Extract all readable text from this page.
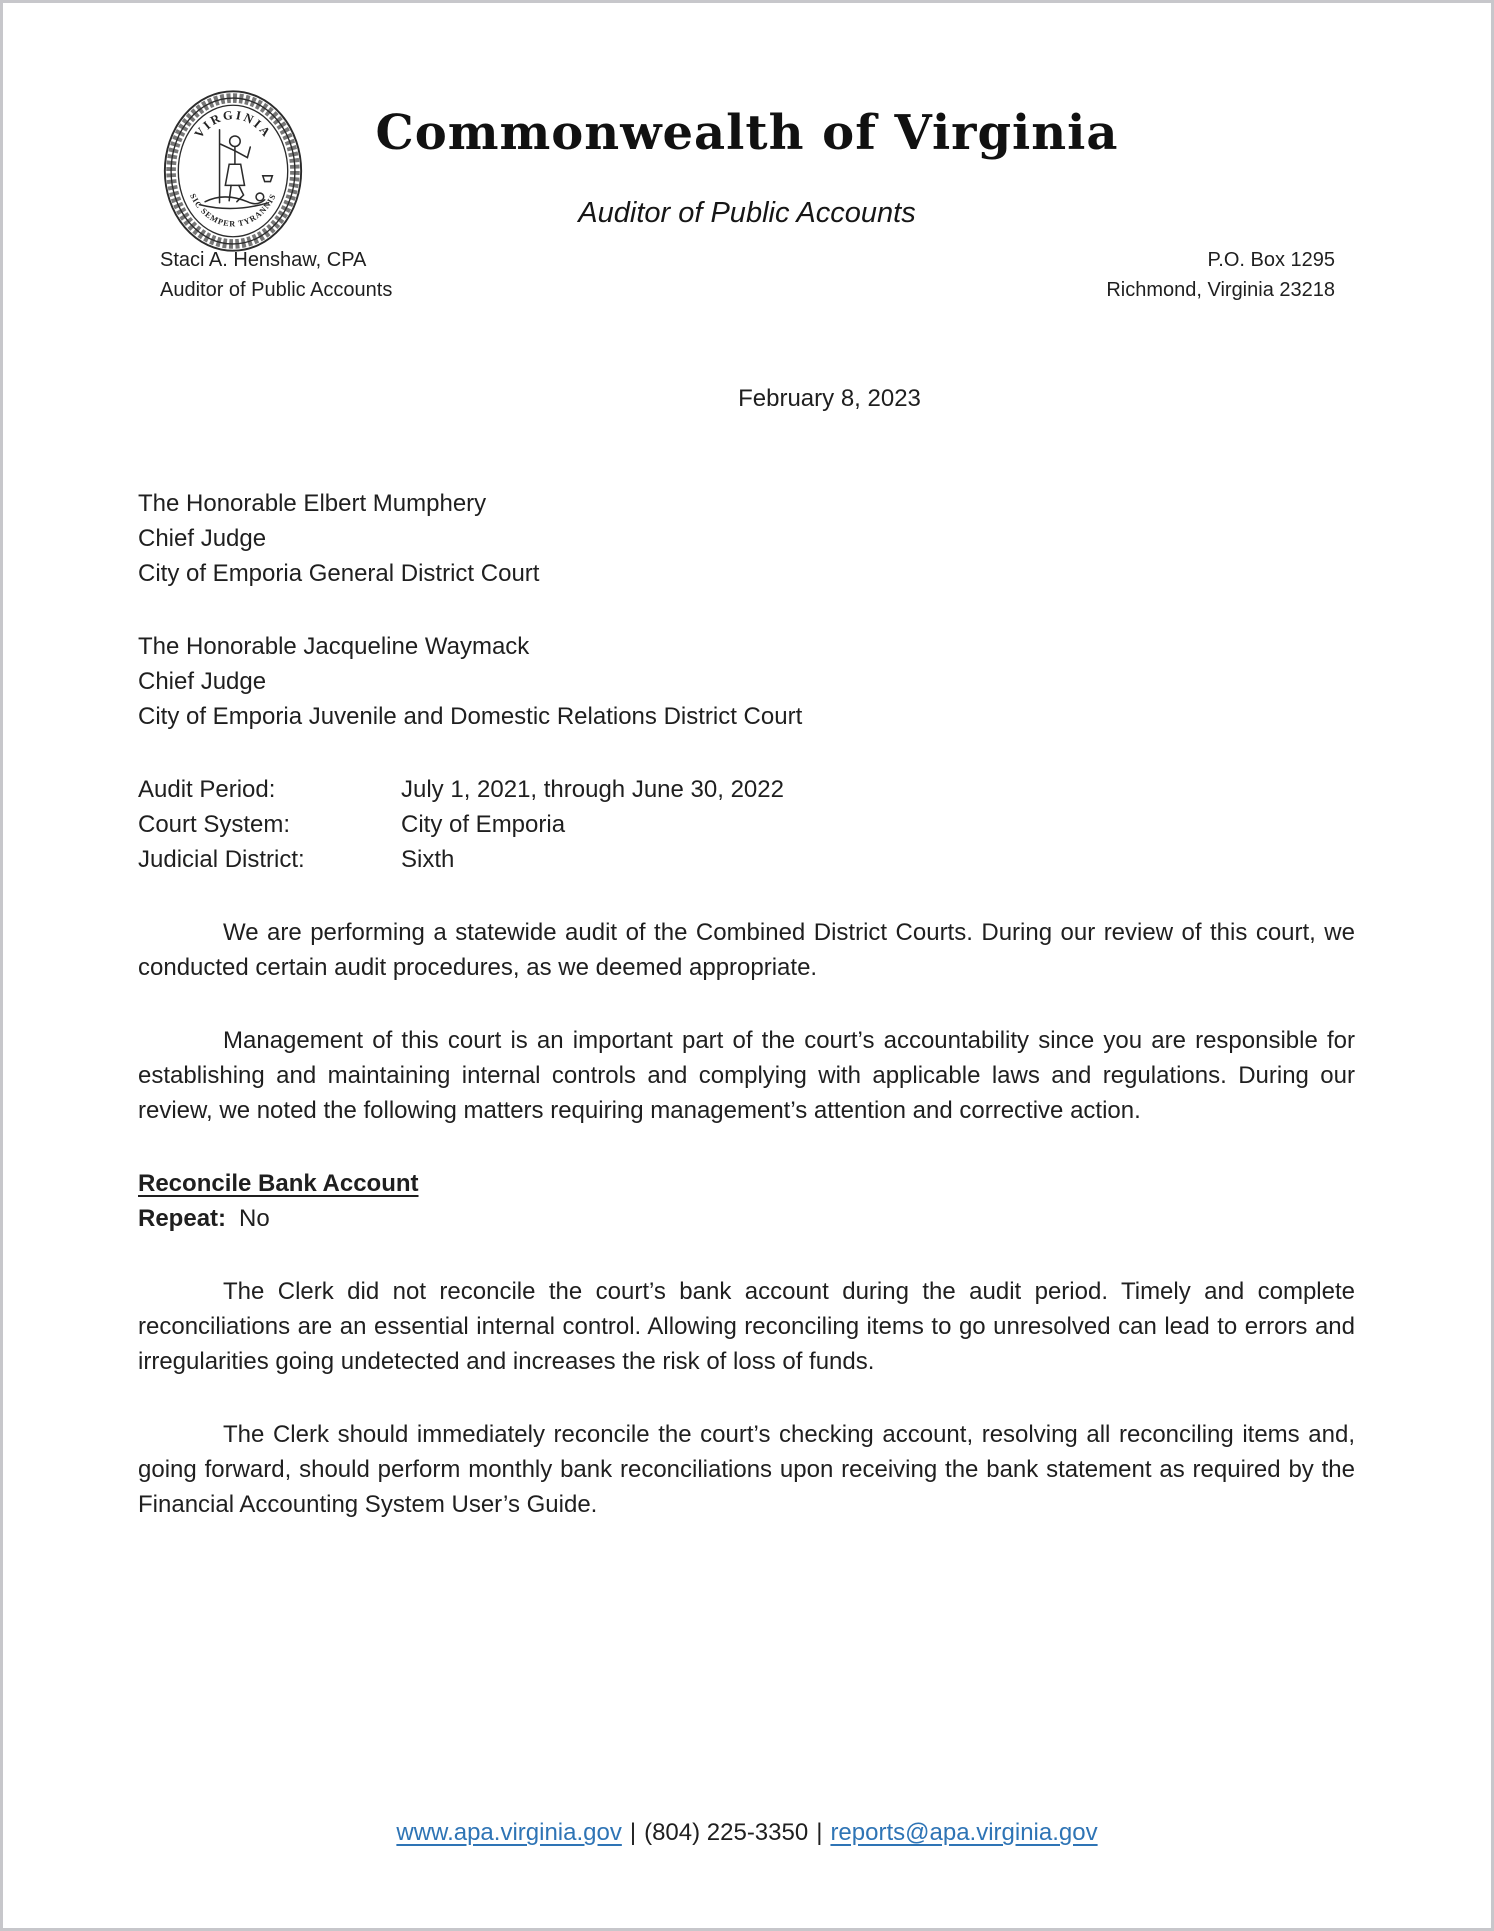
VIRGINIA
SIC SEMPER TYRANNIS
Commonwealth of Virginia
Auditor of Public Accounts
Staci A. Henshaw, CPA
Auditor of Public Accounts
P.O. Box 1295
Richmond, Virginia 23218
February 8, 2023
The Honorable Elbert Mumphery
Chief Judge
City of Emporia General District Court
The Honorable Jacqueline Waymack
Chief Judge
City of Emporia Juvenile and Domestic Relations District Court
Audit Period:	July 1, 2021, through June 30, 2022
Court System:	City of Emporia
Judicial District:	Sixth

We are performing a statewide audit of the Combined District Courts. During our review of this court, we conducted certain audit procedures, as we deemed appropriate.

Management of this court is an important part of the court’s accountability since you are responsible for establishing and maintaining internal controls and complying with applicable laws and regulations. During our review, we noted the following matters requiring management’s attention and corrective action.

Reconcile Bank Account
Repeat: No

The Clerk did not reconcile the court’s bank account during the audit period. Timely and complete reconciliations are an essential internal control. Allowing reconciling items to go unresolved can lead to errors and irregularities going undetected and increases the risk of loss of funds.

The Clerk should immediately reconcile the court’s checking account, resolving all reconciling items and, going forward, should perform monthly bank reconciliations upon receiving the bank statement as required by the Financial Accounting System User’s Guide.

www.apa.virginia.gov | (804) 225-3350 | reports@apa.virginia.gov
